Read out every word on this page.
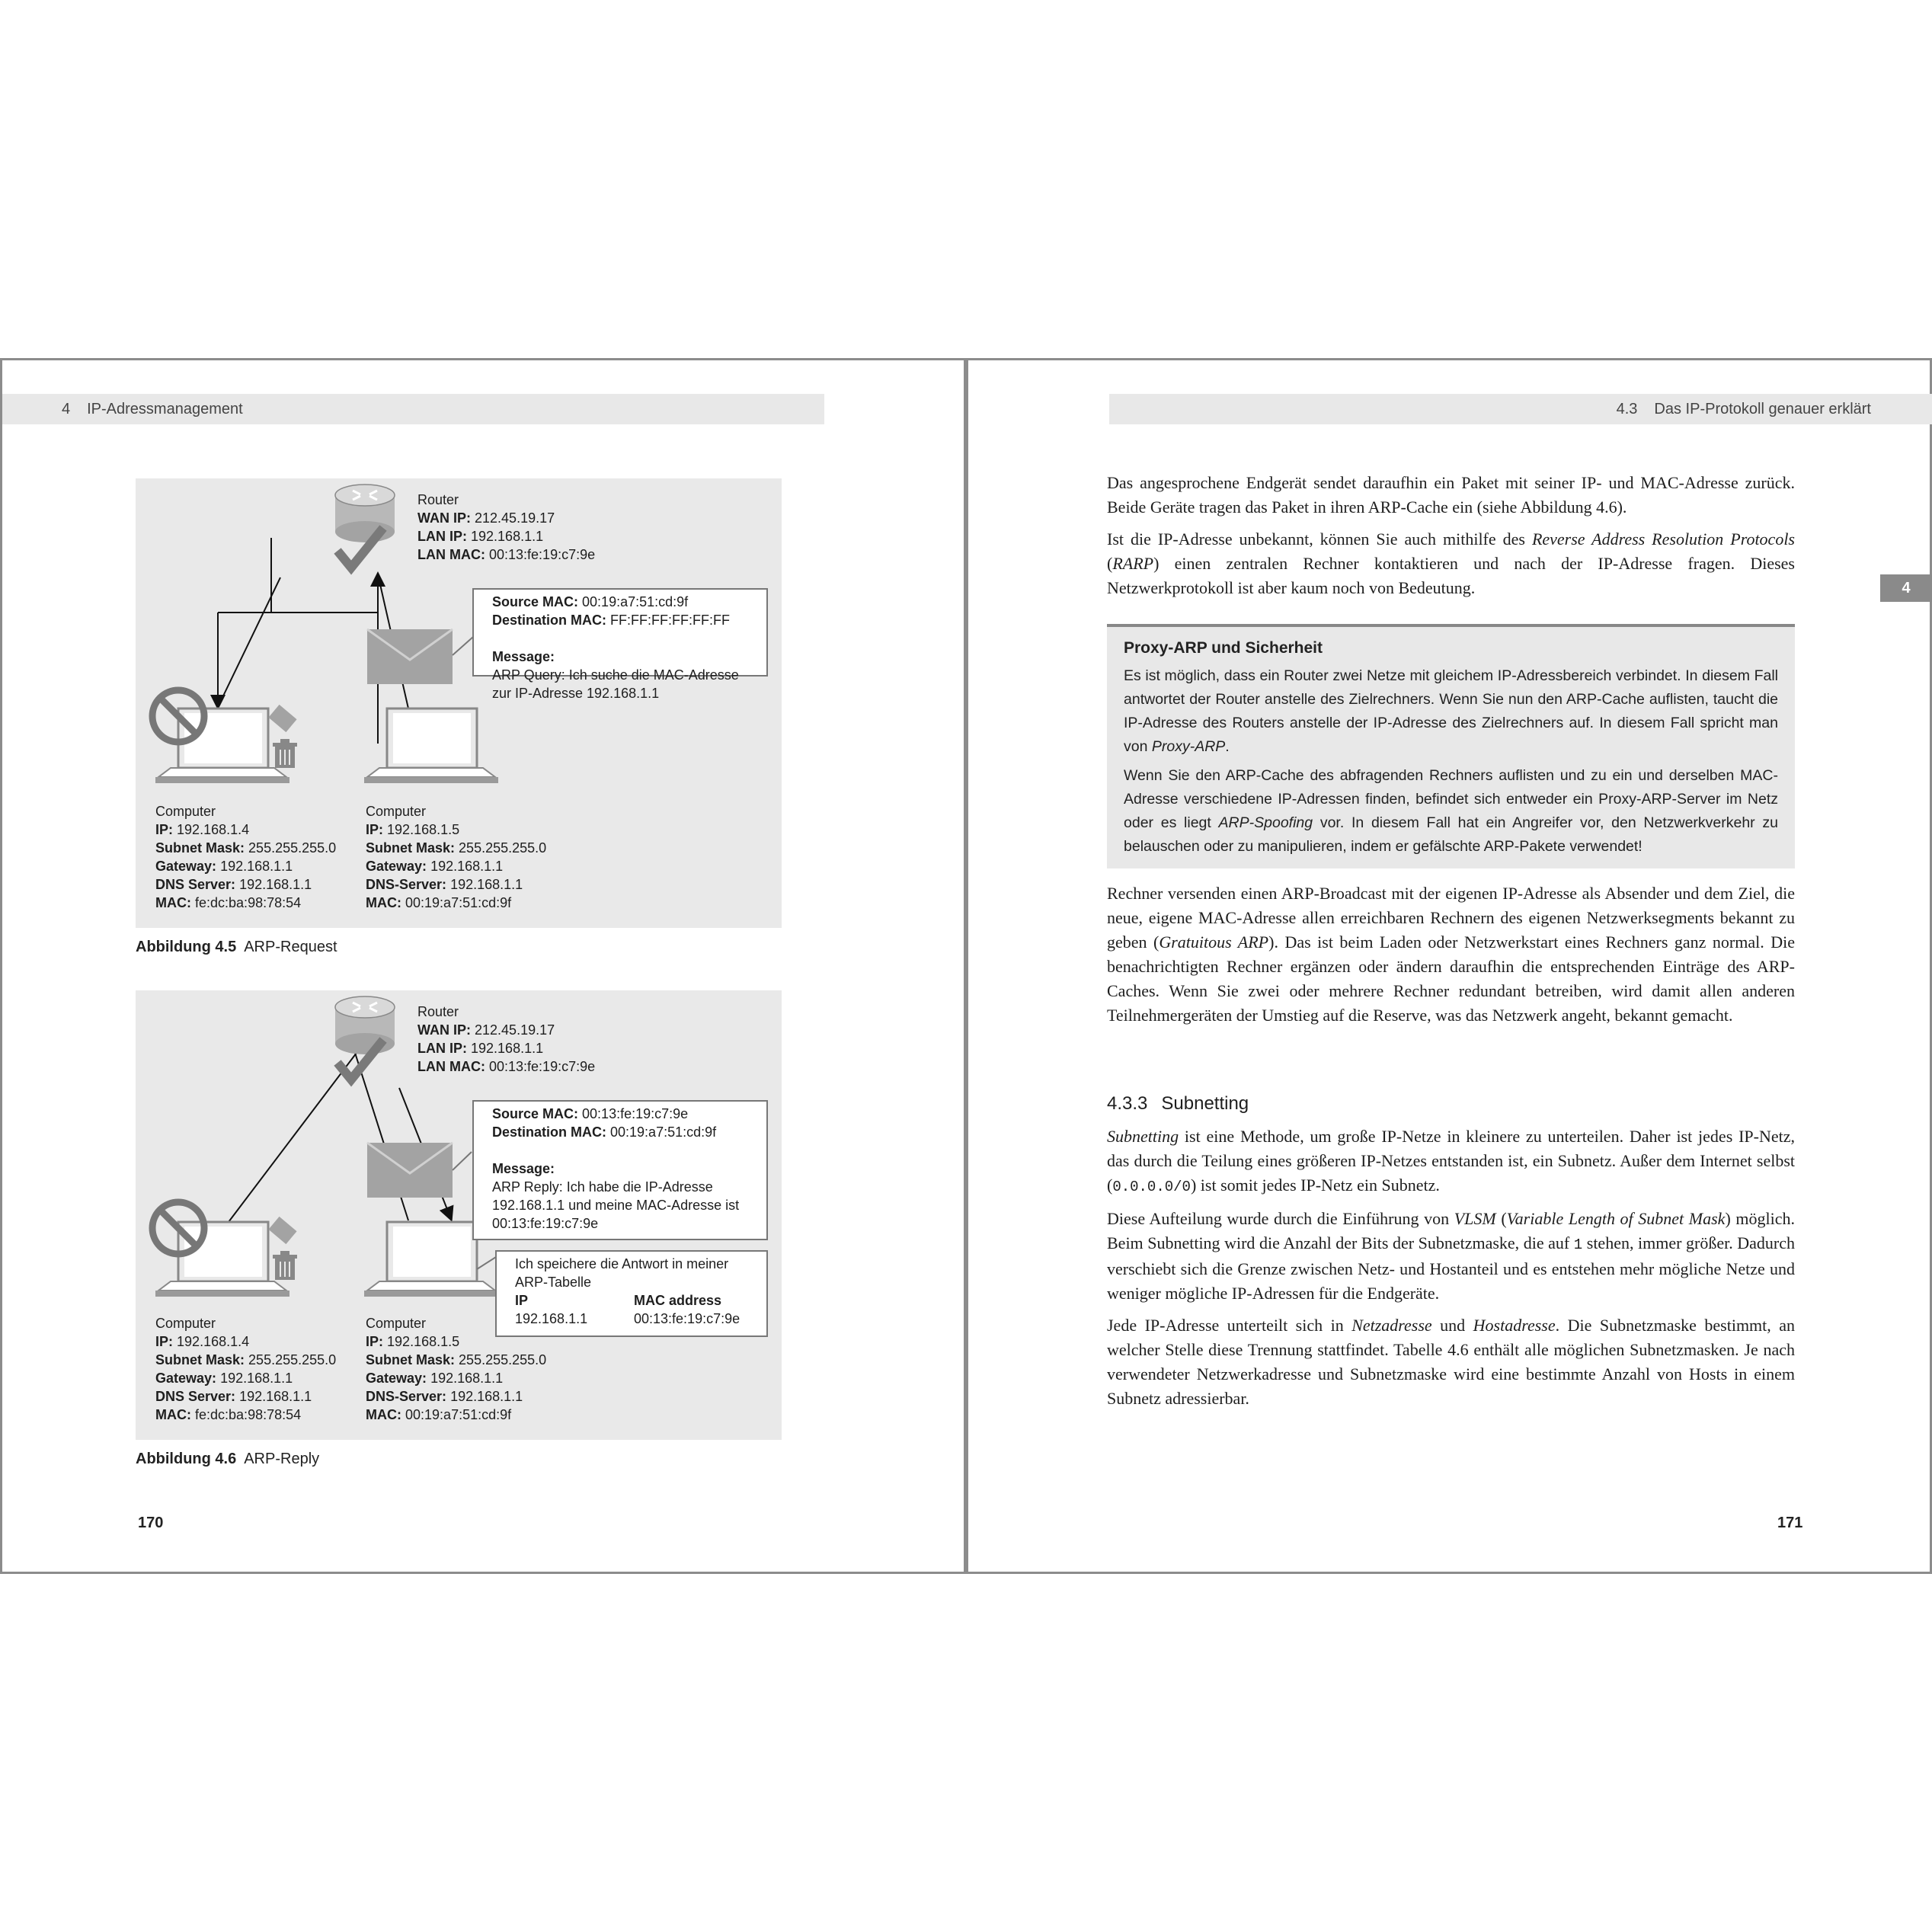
4 IP-Adressmanagement
170
Router
WAN IP: 212.45.19.17
LAN IP: 192.168.1.1
LAN MAC: 00:13:fe:19:c7:9e
Source MAC: 00:19:a7:51:cd:9f
Destination MAC: FF:FF:FF:FF:FF:FF
Message:
ARP Query: Ich suche die MAC-Adresse
zur IP-Adresse 192.168.1.1
Computer
IP: 192.168.1.4
Subnet Mask: 255.255.255.0
Gateway: 192.168.1.1
DNS Server: 192.168.1.1
MAC: fe:dc:ba:98:78:54
Computer
IP: 192.168.1.5
Subnet Mask: 255.255.255.0
Gateway: 192.168.1.1
DNS-Server: 192.168.1.1
MAC: 00:19:a7:51:cd:9f
Abbildung 4.5 ARP-Request
Router
WAN IP: 212.45.19.17
LAN IP: 192.168.1.1
LAN MAC: 00:13:fe:19:c7:9e
Source MAC: 00:13:fe:19:c7:9e
Destination MAC: 00:19:a7:51:cd:9f
Message:
ARP Reply: Ich habe die IP-Adresse
192.168.1.1 und meine MAC-Adresse ist
00:13:fe:19:c7:9e
Ich speichere die Antwort in meiner
ARP-Tabelle
IP	MAC address
192.168.1.1	00:13:fe:19:c7:9e
Computer
IP: 192.168.1.4
Subnet Mask: 255.255.255.0
Gateway: 192.168.1.1
DNS Server: 192.168.1.1
MAC: fe:dc:ba:98:78:54
Computer
IP: 192.168.1.5
Subnet Mask: 255.255.255.0
Gateway: 192.168.1.1
DNS-Server: 192.168.1.1
MAC: 00:19:a7:51:cd:9f
Abbildung 4.6 ARP-Reply
4.3 Das IP-Protokoll genauer erklärt
171
4

Das angesprochene Endgerät sendet daraufhin ein Paket mit seiner IP- und MAC-Adresse zurück. Beide Geräte tragen das Paket in ihren ARP-Cache ein (siehe Abbildung 4.6).

Ist die IP-Adresse unbekannt, können Sie auch mithilfe des Reverse Address Resolution Protocols (RARP) einen zentralen Rechner kontaktieren und nach der IP-Adresse fragen. Dieses Netzwerkprotokoll ist aber kaum noch von Bedeutung.

Proxy-ARP und Sicherheit

Es ist möglich, dass ein Router zwei Netze mit gleichem IP-Adressbereich verbindet. In diesem Fall antwortet der Router anstelle des Zielrechners. Wenn Sie nun den ARP-Cache auflisten, taucht die IP-Adresse des Routers anstelle der IP-Adresse des Zielrechners auf. In diesem Fall spricht man von Proxy-ARP.

Wenn Sie den ARP-Cache des abfragenden Rechners auflisten und zu ein und derselben MAC-Adresse verschiedene IP-Adressen finden, befindet sich entweder ein Proxy-ARP-Server im Netz oder es liegt ARP-Spoofing vor. In diesem Fall hat ein Angreifer vor, den Netzwerkverkehr zu belauschen oder zu manipulieren, indem er gefälschte ARP-Pakete verwendet!

Rechner versenden einen ARP-Broadcast mit der eigenen IP-Adresse als Absender und dem Ziel, die neue, eigene MAC-Adresse allen erreichbaren Rechnern des eigenen Netzwerksegments bekannt zu geben (Gratuitous ARP). Das ist beim Laden oder Netzwerkstart eines Rechners ganz normal. Die benachrichtigten Rechner ergänzen oder ändern daraufhin die entsprechenden Einträge des ARP-Caches. Wenn Sie zwei oder mehrere Rechner redundant betreiben, wird damit allen anderen Teilnehmergeräten der Umstieg auf die Reserve, was das Netzwerk angeht, bekannt gemacht.

4.3.3 Subnetting

Subnetting ist eine Methode, um große IP-Netze in kleinere zu unterteilen. Daher ist jedes IP-Netz, das durch die Teilung eines größeren IP-Netzes entstanden ist, ein Subnetz. Außer dem Internet selbst (0.0.0.0/0) ist somit jedes IP-Netz ein Subnetz.

Diese Aufteilung wurde durch die Einführung von VLSM (Variable Length of Subnet Mask) möglich. Beim Subnetting wird die Anzahl der Bits der Subnetzmaske, die auf 1 stehen, immer größer. Dadurch verschiebt sich die Grenze zwischen Netz- und Hostanteil und es entstehen mehr mögliche Netze und weniger mögliche IP-Adressen für die Endgeräte.

Jede IP-Adresse unterteilt sich in Netzadresse und Hostadresse. Die Subnetzmaske bestimmt, an welcher Stelle diese Trennung stattfindet. Tabelle 4.6 enthält alle möglichen Subnetzmasken. Je nach verwendeter Netzwerkadresse und Subnetzmaske wird eine bestimmte Anzahl von Hosts in einem Subnetz adressierbar.
